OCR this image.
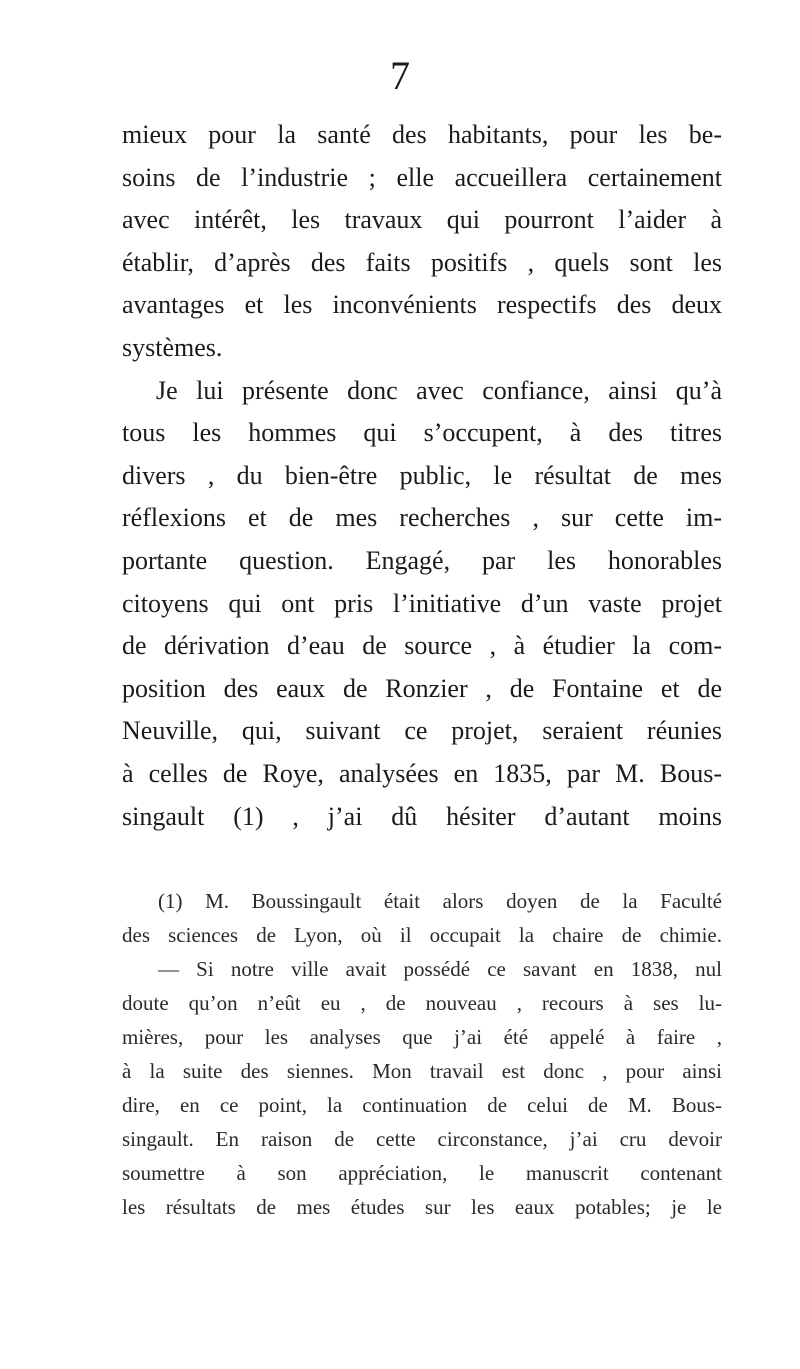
7
mieux pour la santé des habitants, pour les be-
soins de l’industrie ; elle accueillera certainement
avec intérêt, les travaux qui pourront l’aider à
établir, d’après des faits positifs , quels sont les
avantages et les inconvénients respectifs des deux
systèmes.
Je lui présente donc avec confiance, ainsi qu’à
tous les hommes qui s’occupent, à des titres
divers , du bien-être public, le résultat de mes
réflexions et de mes recherches , sur cette im-
portante question. Engagé, par les honorables
citoyens qui ont pris l’initiative d’un vaste projet
de dérivation d’eau de source , à étudier la com-
position des eaux de Ronzier , de Fontaine et de
Neuville, qui, suivant ce projet, seraient réunies
à celles de Roye, analysées en 1835, par M. Bous-
singault (1) , j’ai dû hésiter d’autant moins
(1) M. Boussingault était alors doyen de la Faculté
des sciences de Lyon, où il occupait la chaire de chimie.
— Si notre ville avait possédé ce savant en 1838, nul
doute qu’on n’eût eu , de nouveau , recours à ses lu-
mières, pour les analyses que j’ai été appelé à faire ,
à la suite des siennes. Mon travail est donc , pour ainsi
dire, en ce point, la continuation de celui de M. Bous-
singault. En raison de cette circonstance, j’ai cru devoir
soumettre à son appréciation, le manuscrit contenant
les résultats de mes études sur les eaux potables; je le
